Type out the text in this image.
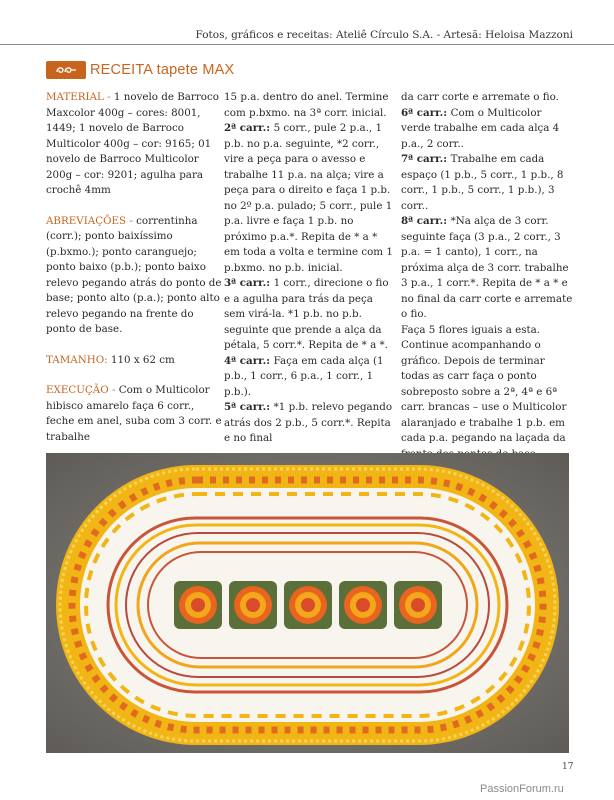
Fotos, gráficos e receitas: Ateliê Círculo S.A. - Artesã: Heloisa Mazzoni
RECEITA tapete MAX
MATERIAL - 1 novelo de Barroco Maxcolor 400g – cores: 8001, 1449; 1 novelo de Barroco Multicolor 400g – cor: 9165; 01 novelo de Barroco Multicolor 200g – cor: 9201; agulha para crochê 4mm
ABREVIAÇÕES - correntinha (corr.); ponto baixíssimo (p.bxmo.); ponto caranguejo; ponto baixo (p.b.); ponto baixo relevo pegando atrás do ponto de base; ponto alto (p.a.); ponto alto relevo pegando na frente do ponto de base.
TAMANHO: 110 x 62 cm
EXECUÇÃO - Com o Multicolor hibisco amarelo faça 6 corr., feche em anel, suba com 3 corr. e trabalhe
15 p.a. dentro do anel. Termine com p.bxmo. na 3ª corr. inicial.
2ª carr.: 5 corr., pule 2 p.a., 1 p.b. no p.a. seguinte, *2 corr., vire a peça para o avesso e trabalhe 11 p.a. na alça; vire a peça para o direito e faça 1 p.b. no 2º p.a. pulado; 5 corr., pule 1 p.a. livre e faça 1 p.b. no próximo p.a.*. Repita de * a * em toda a volta e termine com 1 p.bxmo. no p.b. inicial.
3ª carr.: 1 corr., direcione o fio e a agulha para trás da peça sem virá-la. *1 p.b. no p.b. seguinte que prende a alça da pétala, 5 corr.*. Repita de * a *.
4ª carr.: Faça em cada alça (1 p.b., 1 corr., 6 p.a., 1 corr., 1 p.b.).
5ª carr.: *1 p.b. relevo pegando atrás dos 2 p.b., 5 corr.*. Repita e no final
da carr corte e arremate o fio.
6ª carr.: Com o Multicolor verde trabalhe em cada alça 4 p.a., 2 corr..
7ª carr.: Trabalhe em cada espaço (1 p.b., 5 corr., 1 p.b., 8 corr., 1 p.b., 5 corr., 1 p.b.), 3 corr..
8ª carr.: *Na alça de 3 corr. seguinte faça (3 p.a., 2 corr., 3 p.a. = 1 canto), 1 corr., na próxima alça de 3 corr. trabalhe 3 p.a., 1 corr.*. Repita de * a * e no final da carr corte e arremate o fio.
Faça 5 flores iguais a esta.
Continue acompanhando o gráfico. Depois de terminar todas as carr faça o ponto sobreposto sobre a 2ª, 4ª e 6ª carr. brancas – use o Multicolor alaranjado e trabalhe 1 p.b. em cada p.a. pegando na laçada da
17
PassionForum.ru
